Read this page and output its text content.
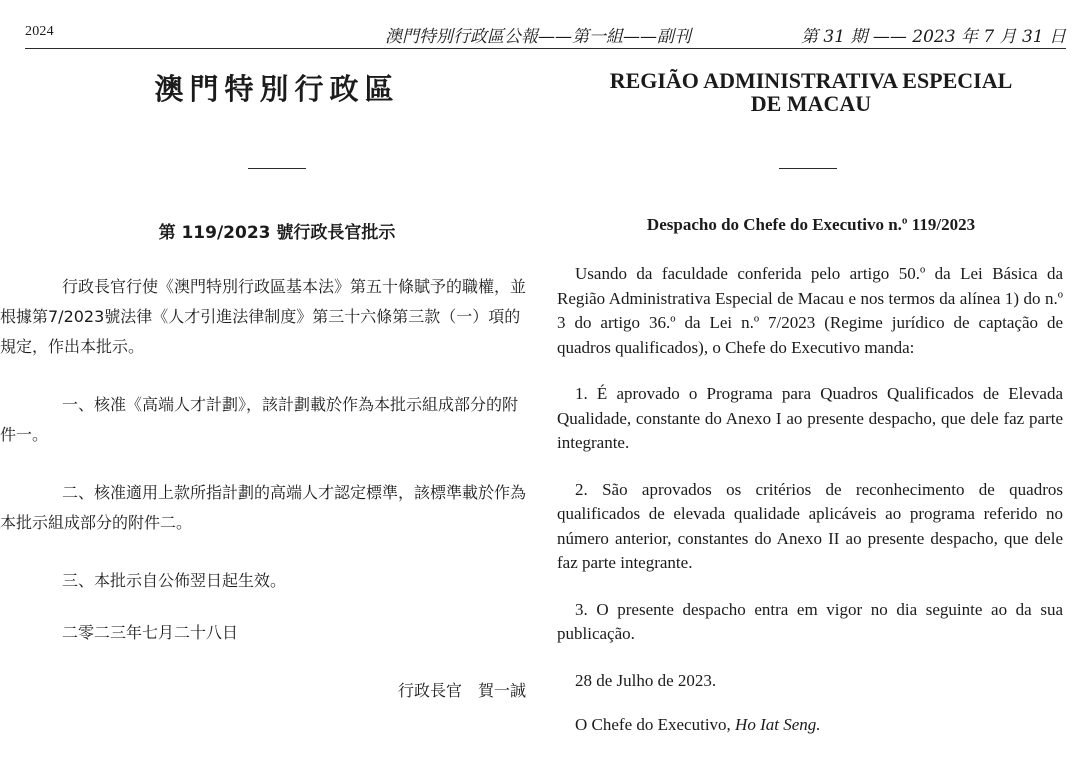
2024	澳門特別行政區公報——第一組——副刊	第 31 期 —— 2023 年 7 月 31 日
澳門特別行政區
第 119/2023 號行政長官批示

行政長官行使《澳門特別行政區基本法》第五十條賦予的職權，並根據第7/2023號法律《人才引進法律制度》第三十六條第三款（一）項的規定，作出本批示。

一、核准《高端人才計劃》，該計劃載於作為本批示組成部分的附件一。

二、核准適用上款所指計劃的高端人才認定標準，該標準載於作為本批示組成部分的附件二。

三、本批示自公佈翌日起生效。

二零二三年七月二十八日

行政長官　賀一誠

REGIÃO ADMINISTRATIVA ESPECIAL
DE MACAU
Despacho do Chefe do Executivo n.º 119/2023

Usando da faculdade conferida pelo artigo 50.º da Lei Básica da Região Administrativa Especial de Macau e nos termos da alínea 1) do n.º 3 do artigo 36.º da Lei n.º 7/2023 (Regime jurídico de captação de quadros qualificados), o Chefe do Executivo manda:

1. É aprovado o Programa para Quadros Qualificados de Elevada Qualidade, constante do Anexo I ao presente despacho, que dele faz parte integrante.

2. São aprovados os critérios de reconhecimento de quadros qualificados de elevada qualidade aplicáveis ao programa referido no número anterior, constantes do Anexo II ao presente despacho, que dele faz parte integrante.

3. O presente despacho entra em vigor no dia seguinte ao da sua publicação.

28 de Julho de 2023.

O Chefe do Executivo, Ho Iat Seng.
